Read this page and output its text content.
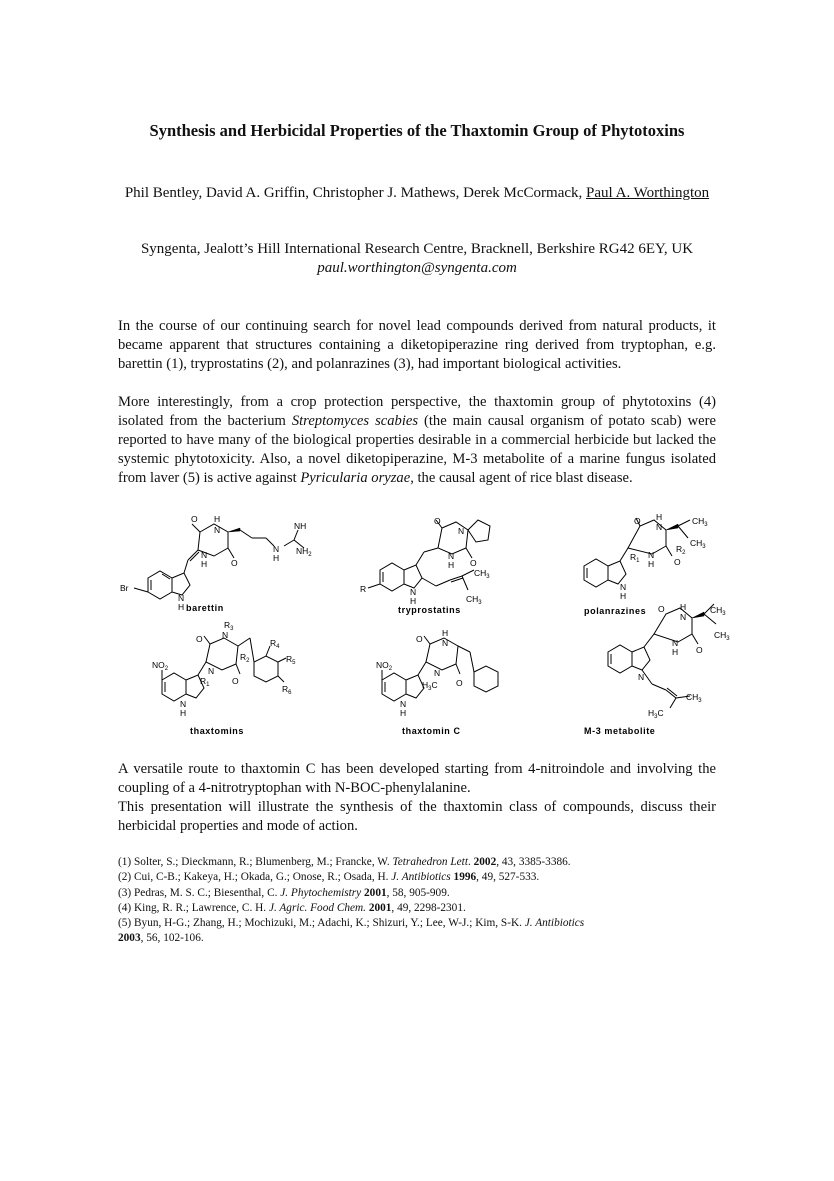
Synthesis and Herbicidal Properties of the Thaxtomin Group of Phytotoxins
Phil Bentley, David A. Griffin, Christopher J. Mathews, Derek McCormack, Paul A. Worthington
Syngenta, Jealott’s Hill International Research Centre, Bracknell, Berkshire RG42 6EY, UK
paul.worthington@syngenta.com

In the course of our continuing search for novel lead compounds derived from natural products, it became apparent that structures containing a diketopiperazine ring derived from tryptophan, e.g. barettin (1), tryprostatins (2), and polanrazines (3), had important biological activities.

More interestingly, from a crop protection perspective, the thaxtomin group of phytotoxins (4) isolated from the bacterium Streptomyces scabies (the main causal organism of potato scab) were reported to have many of the biological properties desirable in a commercial herbicide but lacked the systemic phytotoxicity. Also, a novel diketopiperazine, M-3 metabolite of a marine fungus isolated from laver (5) is active against Pyricularia oryzae, the causal agent of rice blast disease.

O H
N
N
H	O
N
H
NH
$NH_2$
N
H
Br
barettin
O
N
N
H O
N
H
R
$CH_3$
$CH_3$
tryprostatins
O H
N
$R_1$
$R_2$
N
H O
$CH_3$
$CH_3$
N
H
polanrazines O H
N
N
H O
$CH_3$
$CH_3$
N
$CH_3$
$H_3C$
M-3 metabolite
O N
$R_3$
$R_2$
N
$R_1$	O
$R_4$
$R_5$
$R_6$
$NO_2$
N
H
thaxtomins
O
H
N
N
$H_3C$ O
$NO_2$
N
H
thaxtomin C

A versatile route to thaxtomin C has been developed starting from 4-nitroindole and involving the coupling of a 4-nitrotryptophan with N-BOC-phenylalanine.

This presentation will illustrate the synthesis of the thaxtomin class of compounds, discuss their herbicidal properties and mode of action.

(1) Solter, S.; Dieckmann, R.; Blumenberg, M.; Francke, W. Tetrahedron Lett. 2002, 43, 3385-3386.
(2) Cui, C-B.; Kakeya, H.; Okada, G.; Onose, R.; Osada, H. J. Antibiotics 1996, 49, 527-533.
(3) Pedras, M. S. C.; Biesenthal, C. J. Phytochemistry 2001, 58, 905-909.
(4) King, R. R.; Lawrence, C. H. J. Agric. Food Chem. 2001, 49, 2298-2301.
(5) Byun, H-G.; Zhang, H.; Mochizuki, M.; Adachi, K.; Shizuri, Y.; Lee, W-J.; Kim, S-K. J. Antibiotics
2003, 56, 102-106.
